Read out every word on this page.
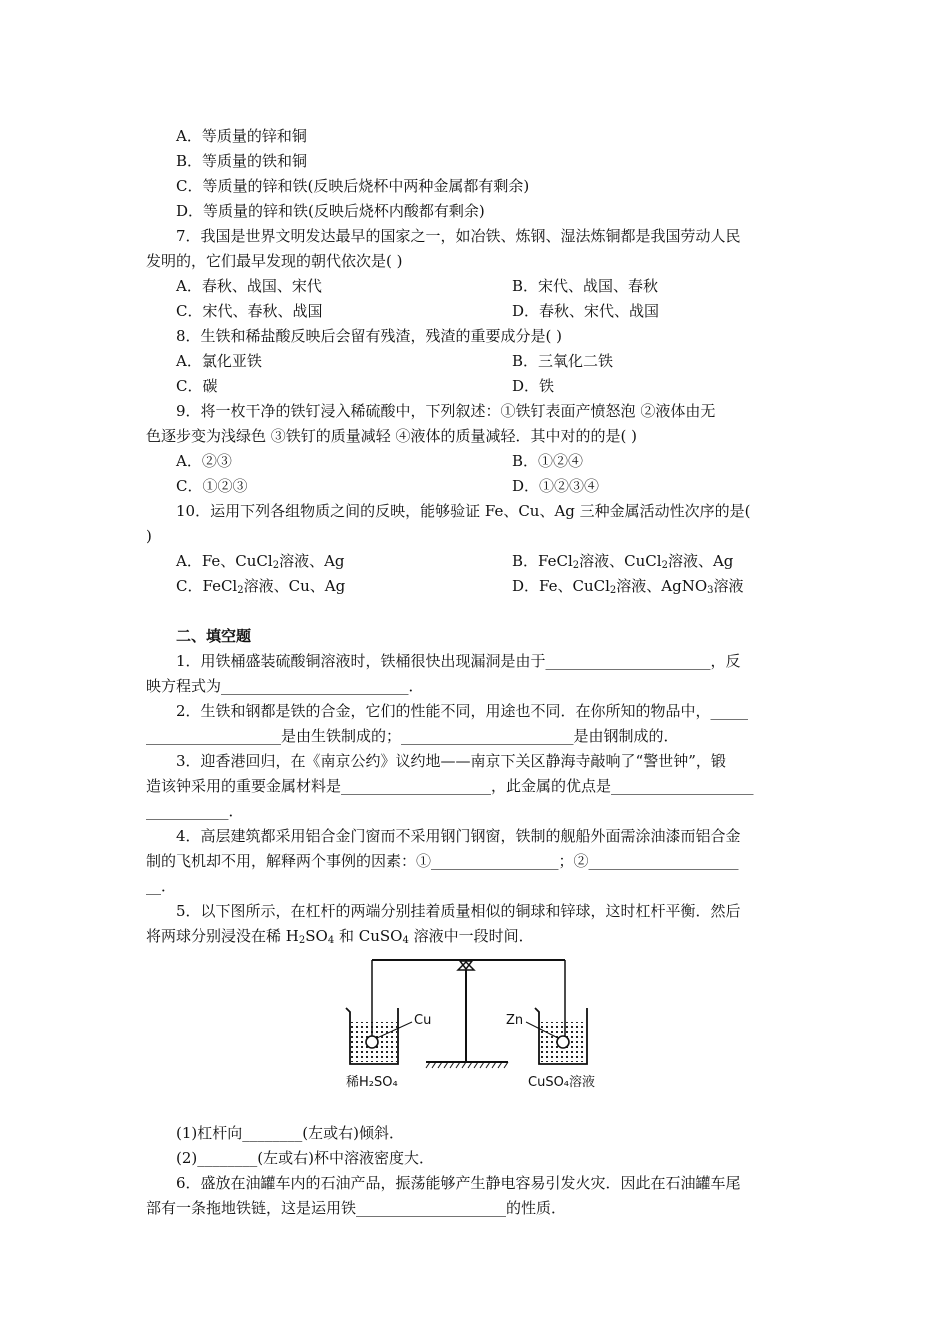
A．等质量的锌和铜
B．等质量的铁和铜
C．等质量的锌和铁(反映后烧杯中两种金属都有剩余)
D．等质量的锌和铁(反映后烧杯内酸都有剩余)
7．我国是世界文明发达最早的国家之一，如冶铁、炼钢、湿法炼铜都是我国劳动人民
发明的，它们最早发现的朝代依次是( )
A．春秋、战国、宋代	B．宋代、战国、春秋
C．宋代、春秋、战国	D．春秋、宋代、战国
8．生铁和稀盐酸反映后会留有残渣，残渣的重要成分是( )
A．氯化亚铁	B．三氧化二铁
C．碳	D．铁
9．将一枚干净的铁钉浸入稀硫酸中，下列叙述：①铁钉表面产愤怒泡 ②液体由无
色逐步变为浅绿色 ③铁钉的质量减轻 ④液体的质量减轻．其中对的的是( )
A．②③	B．①②④
C．①②③	D．①②③④
10．运用下列各组物质之间的反映，能够验证 Fe、Cu、Ag 三种金属活动性次序的是(
)
A．Fe、CuCl$_2$溶液、Ag	B．FeCl$_2$溶液、CuCl$_2$溶液、Ag
C．FeCl$_2$溶液、Cu、Ag	D．Fe、CuCl$_2$溶液、AgNO$_3$溶液
二、填空题
1．用铁桶盛装硫酸铜溶液时，铁桶很快出现漏洞是由于______________________，反
映方程式为_________________________．
2．生铁和钢都是铁的合金，它们的性能不同，用途也不同．在你所知的物品中，_____
__________________是由生铁制成的；_______________________是由钢制成的．
3．迎香港回归，在《南京公约》议约地——南京下关区静海寺敲响了“警世钟”，锻
造该钟采用的重要金属材料是____________________，此金属的优点是___________________
___________．
4．高层建筑都采用铝合金门窗而不采用钢门钢窗，铁制的舰船外面需涂油漆而铝合金
制的飞机却不用，解释两个事例的因素：①_________________；②____________________
__．
5．以下图所示，在杠杆的两端分别挂着质量相似的铜球和锌球，这时杠杆平衡．然后
将两球分别浸没在稀 $H_2SO_4$ 和 CuSO$_4$ 溶液中一段时间．
Cu	Zn
稀H₂SO₄	CuSO₄溶液
(1)杠杆向________(左或右)倾斜．
(2)________(左或右)杯中溶液密度大．
6．盛放在油罐车内的石油产品，振荡能够产生静电容易引发火灾．因此在石油罐车尾
部有一条拖地铁链，这是运用铁____________________的性质．
